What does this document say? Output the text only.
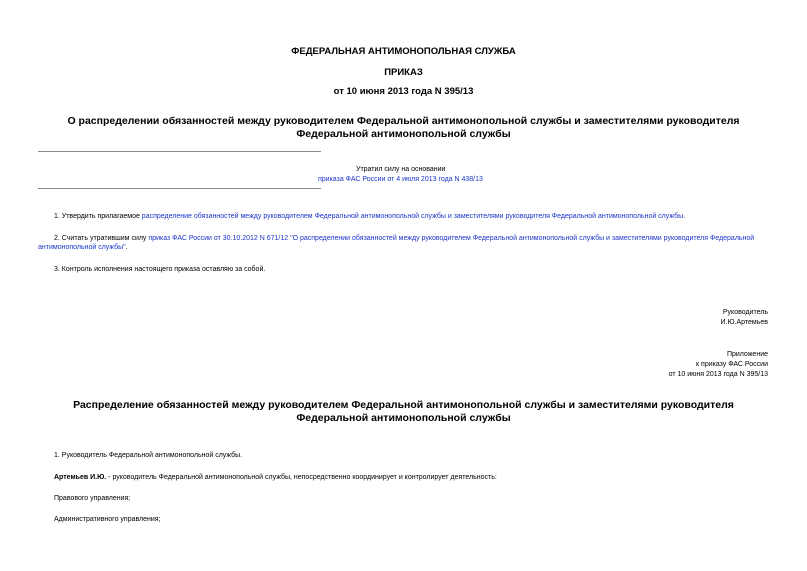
ФЕДЕРАЛЬНАЯ АНТИМОНОПОЛЬНАЯ СЛУЖБА
ПРИКАЗ
от 10 июня 2013 года N 395/13
О распределении обязанностей между руководителем Федеральной антимонопольной службы и заместителями руководителя Федеральной антимонопольной службы
Утратил силу на основании
приказа ФАС России от 4 июля 2013 года N 438/13
1. Утвердить прилагаемое распределение обязанностей между руководителем Федеральной антимонопольной службы и заместителями руководителя Федеральной антимонопольной службы.
2. Считать утратившим силу приказ ФАС России от 30.10.2012 N 671/12 "О распределении обязанностей между руководителем Федеральной антимонопольной службы и заместителями руководителя Федеральной антимонопольной службы".
3. Контроль исполнения настоящего приказа оставляю за собой.
Руководитель
И.Ю.Артемьев
Приложение
к приказу ФАС России
от 10 июня 2013 года N 395/13
Распределение обязанностей между руководителем Федеральной антимонопольной службы и заместителями руководителя Федеральной антимонопольной службы
1. Руководитель Федеральной антимонопольной службы.
Артемьев И.Ю. - руководитель Федеральной антимонопольной службы, непосредственно координирует и контролирует деятельность:
Правового управления;
Административного управления;
